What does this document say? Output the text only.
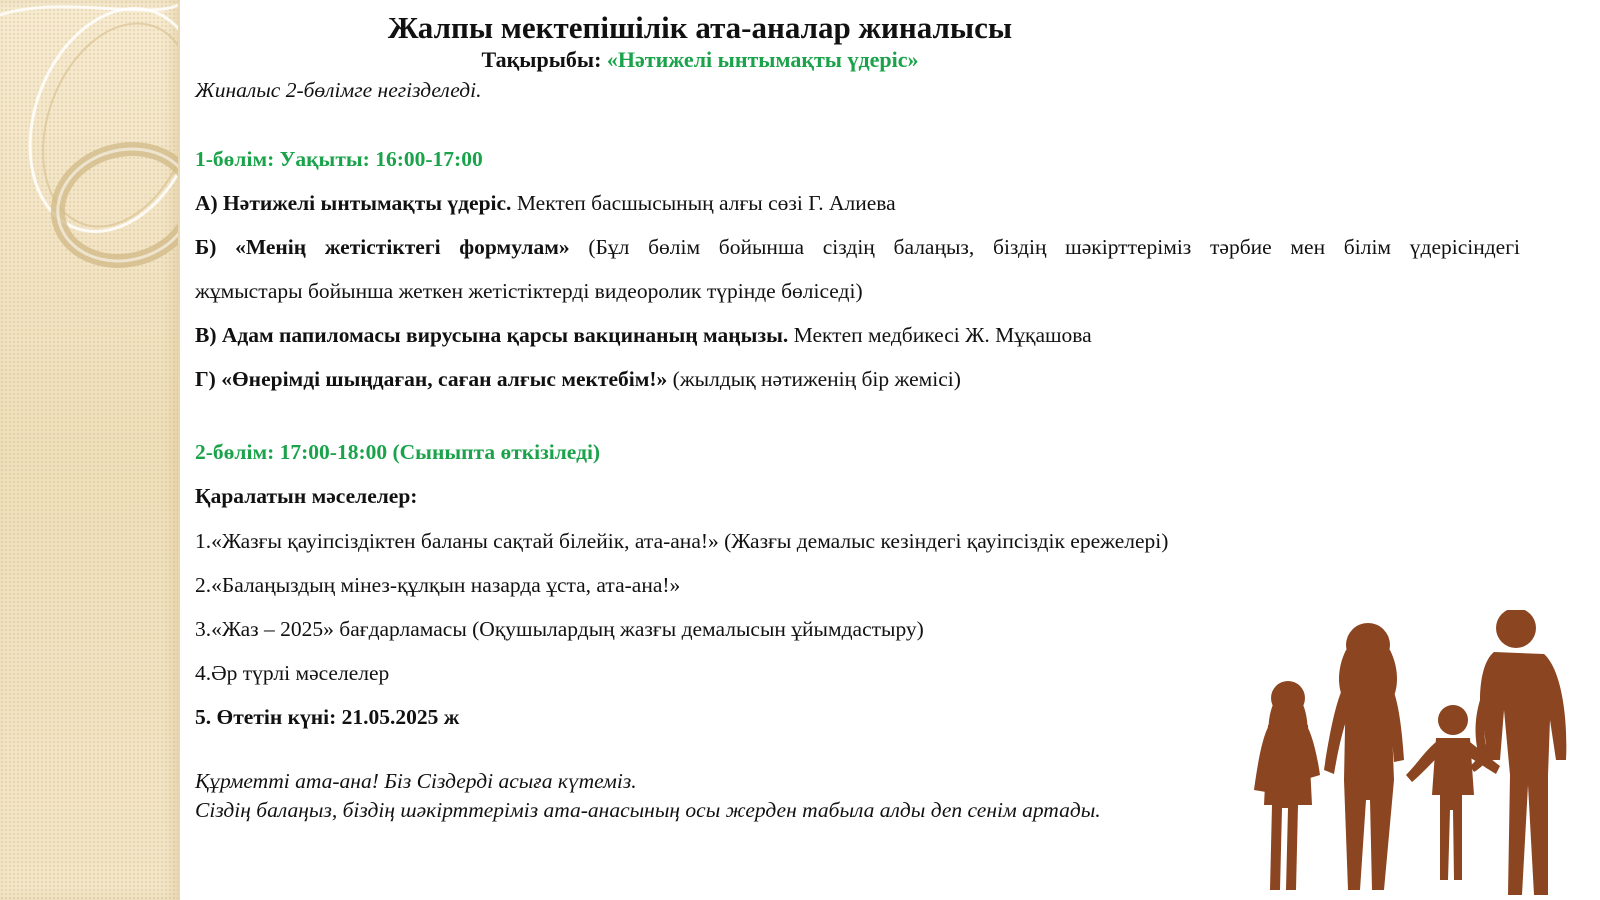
Жалпы мектепішілік ата-аналар жиналысы
Тақырыбы: «Нәтижелі ынтымақты үдеріс»
Жиналыс 2-бөлімге негізделеді.
1-бөлім: Уақыты: 16:00-17:00
А) Нәтижелі ынтымақты үдеріс. Мектеп басшысының алғы сөзі Г. Алиева
Б) «Менің жетістіктегі формулам» (Бұл бөлім бойынша сіздің балаңыз, біздің шәкірттеріміз тәрбие мен білім үдерісіндегі
жұмыстары бойынша жеткен жетістіктерді видеоролик түрінде бөліседі)
В) Адам папиломасы вирусына қарсы вакцинаның маңызы. Мектеп медбикесі Ж. Мұқашова
Г) «Өнерімді шыңдаған, саған алғыс мектебім!» (жылдық нәтиженің бір жемісі)
2-бөлім: 17:00-18:00 (Сыныпта өткізіледі)
Қаралатын мәселелер:
1.«Жазғы қауіпсіздіктен баланы сақтай білейік, ата-ана!» (Жазғы демалыс кезіндегі қауіпсіздік ережелері)
2.«Балаңыздың мінез-құлқын назарда ұста, ата-ана!»
3.«Жаз – 2025» бағдарламасы (Оқушылардың жазғы демалысын ұйымдастыру)
4.Әр түрлі мәселелер
5. Өтетін күні: 21.05.2025 ж
Құрметті ата-ана! Біз Сіздерді асыға күтеміз.
Сіздің балаңыз, біздің шәкірттеріміз ата-анасының осы жерден табыла алды деп сенім артады.
